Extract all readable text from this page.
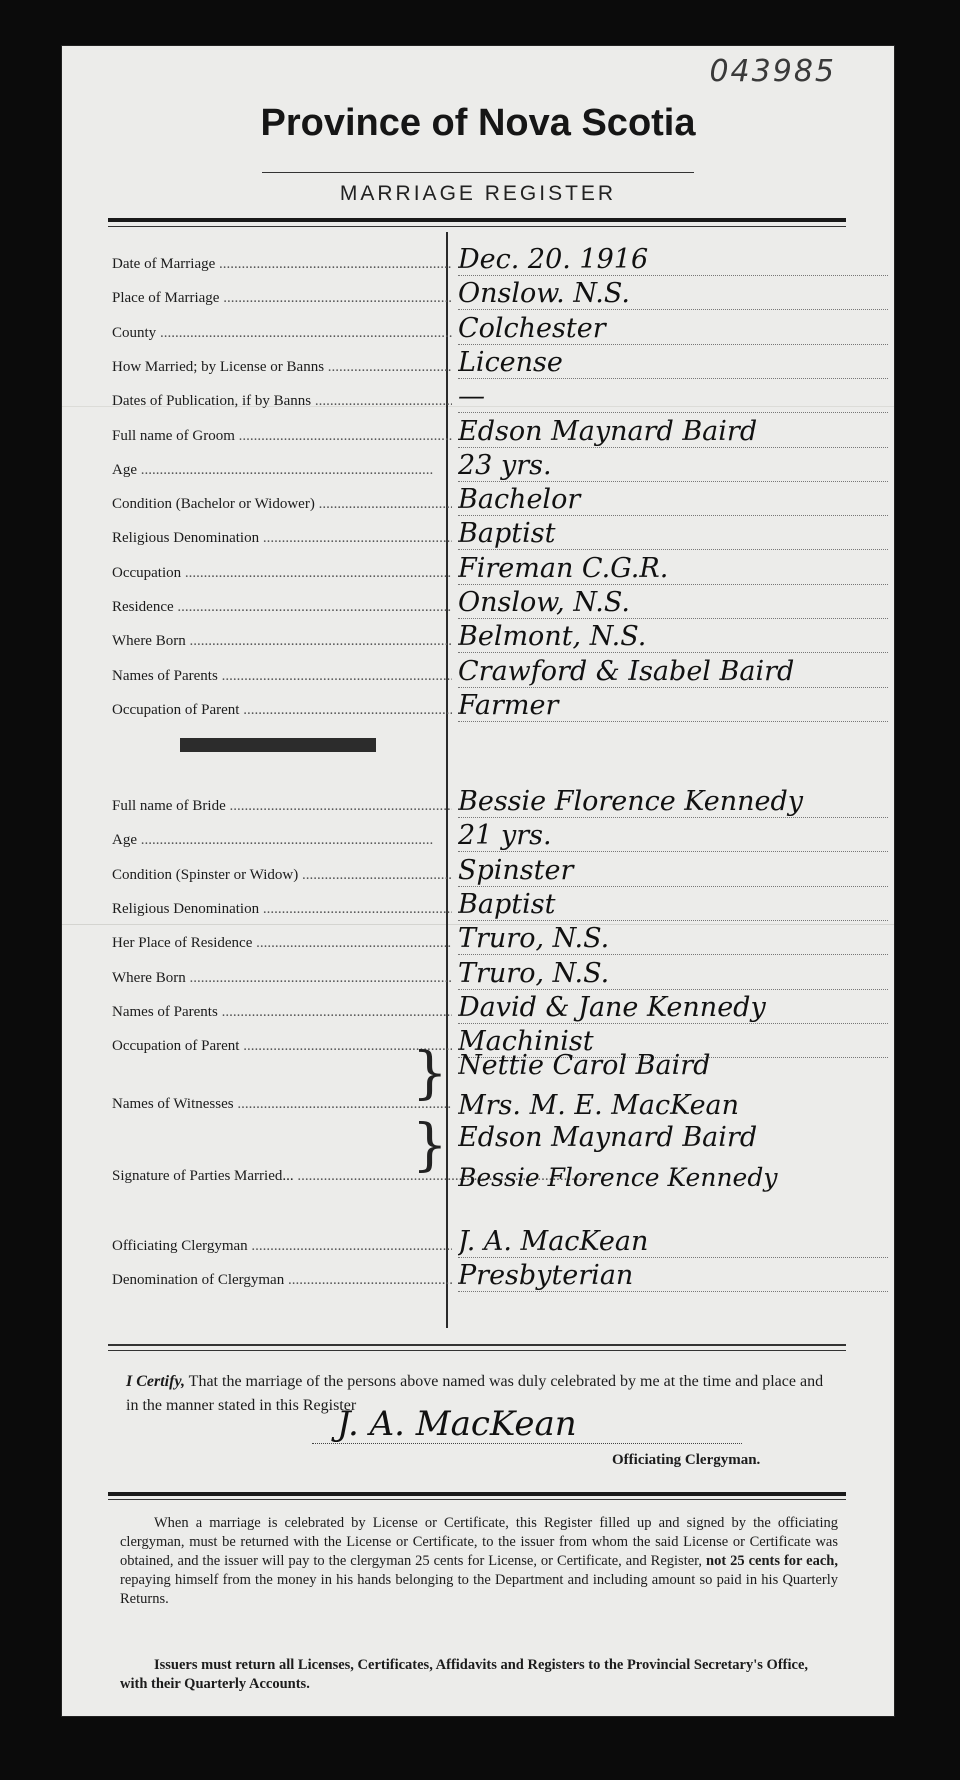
043985
Province of Nova Scotia
MARRIAGE REGISTER
Date of Marriage .....	Dec. 20. 1916
Place of Marriage .....	Onslow. N.S.
County .....	Colchester
How Married; by License or Banns .....	License
Dates of Publication, if by Banns .....	—
Full name of Groom .....	Edson Maynard Baird
Age .....	23 yrs.
Condition (Bachelor or Widower) .....	Bachelor
Religious Denomination .....	Baptist
Occupation .....	Fireman C.G.R.
Residence .....	Onslow, N.S.
Where Born .....	Belmont, N.S.
Names of Parents .....	Crawford & Isabel Baird
Occupation of Parent .....	Farmer
Full name of Bride .....	Bessie Florence Kennedy
Age .....	21 yrs.
Condition (Spinster or Widow) .....	Spinster
Religious Denomination .....	Baptist
Her Place of Residence .....	Truro, N.S.
Where Born .....	Truro, N.S.
Names of Parents .....	David & Jane Kennedy
Occupation of Parent .....	Machinist
Names of Witnesses .....	} Nettie Carol Baird
Mrs. M. E. MacKean
Signature of Parties Married... .....	} Edson Maynard Baird
Bessie Florence Kennedy
Officiating Clergyman .....	J. A. MacKean
Denomination of Clergyman .....	Presbyterian
I Certify, That the marriage of the persons above named was duly celebrated by me at the time and place and in the manner stated in this Register
J. A. MacKean
Officiating Clergyman.
When a marriage is celebrated by License or Certificate, this Register filled up and signed by the officiating clergyman, must be returned with the License or Certificate, to the issuer from whom the said License or Certificate was obtained, and the issuer will pay to the clergyman 25 cents for License, or Certificate, and Register, not 25 cents for each, repaying himself from the money in his hands belonging to the Department and including amount so paid in his Quarterly Returns.
Issuers must return all Licenses, Certificates, Affidavits and Registers to the Provincial Secretary's Office, with their Quarterly Accounts.
